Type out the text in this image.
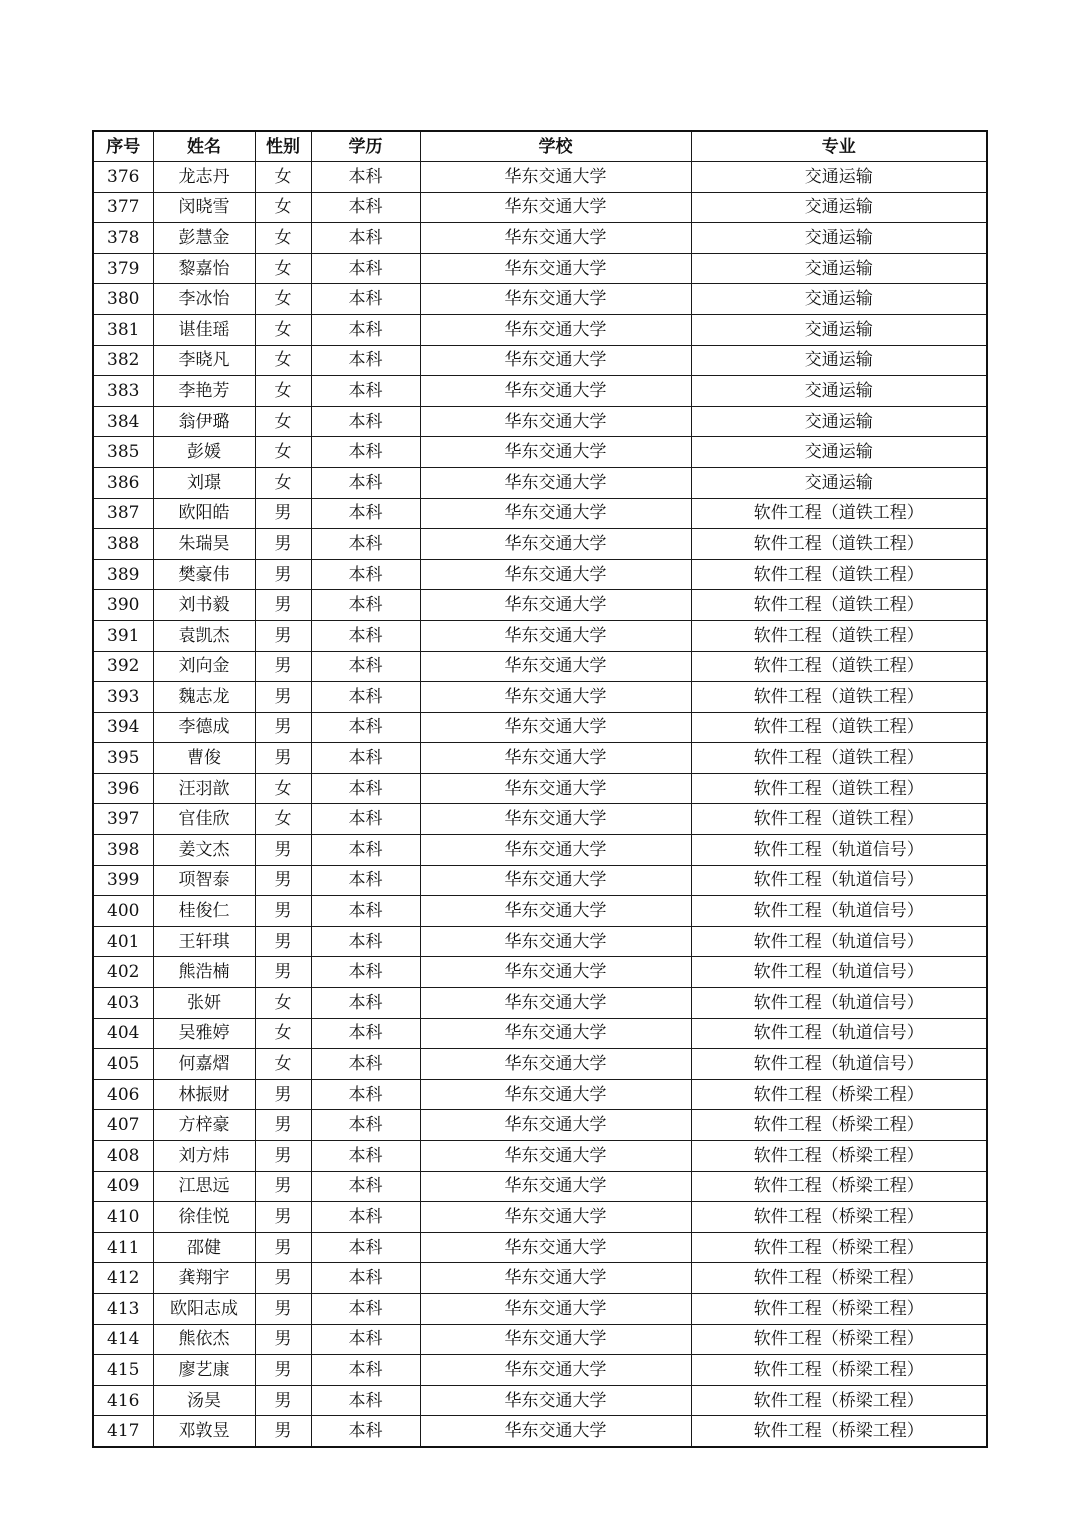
序号	姓名	性别	学历	学校	专业
376	龙志丹	女	本科	华东交通大学	交通运输
377	闵晓雪	女	本科	华东交通大学	交通运输
378	彭慧金	女	本科	华东交通大学	交通运输
379	黎嘉怡	女	本科	华东交通大学	交通运输
380	李冰怡	女	本科	华东交通大学	交通运输
381	谌佳瑶	女	本科	华东交通大学	交通运输
382	李晓凡	女	本科	华东交通大学	交通运输
383	李艳芳	女	本科	华东交通大学	交通运输
384	翁伊璐	女	本科	华东交通大学	交通运输
385	彭媛	女	本科	华东交通大学	交通运输
386	刘璟	女	本科	华东交通大学	交通运输
387	欧阳皓	男	本科	华东交通大学	软件工程（道铁工程）
388	朱瑞昊	男	本科	华东交通大学	软件工程（道铁工程）
389	樊豪伟	男	本科	华东交通大学	软件工程（道铁工程）
390	刘书毅	男	本科	华东交通大学	软件工程（道铁工程）
391	袁凯杰	男	本科	华东交通大学	软件工程（道铁工程）
392	刘向金	男	本科	华东交通大学	软件工程（道铁工程）
393	魏志龙	男	本科	华东交通大学	软件工程（道铁工程）
394	李德成	男	本科	华东交通大学	软件工程（道铁工程）
395	曹俊	男	本科	华东交通大学	软件工程（道铁工程）
396	汪羽歆	女	本科	华东交通大学	软件工程（道铁工程）
397	官佳欣	女	本科	华东交通大学	软件工程（道铁工程）
398	姜文杰	男	本科	华东交通大学	软件工程（轨道信号）
399	项智泰	男	本科	华东交通大学	软件工程（轨道信号）
400	桂俊仁	男	本科	华东交通大学	软件工程（轨道信号）
401	王轩琪	男	本科	华东交通大学	软件工程（轨道信号）
402	熊浩楠	男	本科	华东交通大学	软件工程（轨道信号）
403	张妍	女	本科	华东交通大学	软件工程（轨道信号）
404	吴雅婷	女	本科	华东交通大学	软件工程（轨道信号）
405	何嘉熠	女	本科	华东交通大学	软件工程（轨道信号）
406	林振财	男	本科	华东交通大学	软件工程（桥梁工程）
407	方梓豪	男	本科	华东交通大学	软件工程（桥梁工程）
408	刘方炜	男	本科	华东交通大学	软件工程（桥梁工程）
409	江思远	男	本科	华东交通大学	软件工程（桥梁工程）
410	徐佳悦	男	本科	华东交通大学	软件工程（桥梁工程）
411	邵健	男	本科	华东交通大学	软件工程（桥梁工程）
412	龚翔宇	男	本科	华东交通大学	软件工程（桥梁工程）
413	欧阳志成	男	本科	华东交通大学	软件工程（桥梁工程）
414	熊依杰	男	本科	华东交通大学	软件工程（桥梁工程）
415	廖艺康	男	本科	华东交通大学	软件工程（桥梁工程）
416	汤昊	男	本科	华东交通大学	软件工程（桥梁工程）
417	邓敦昱	男	本科	华东交通大学	软件工程（桥梁工程）
